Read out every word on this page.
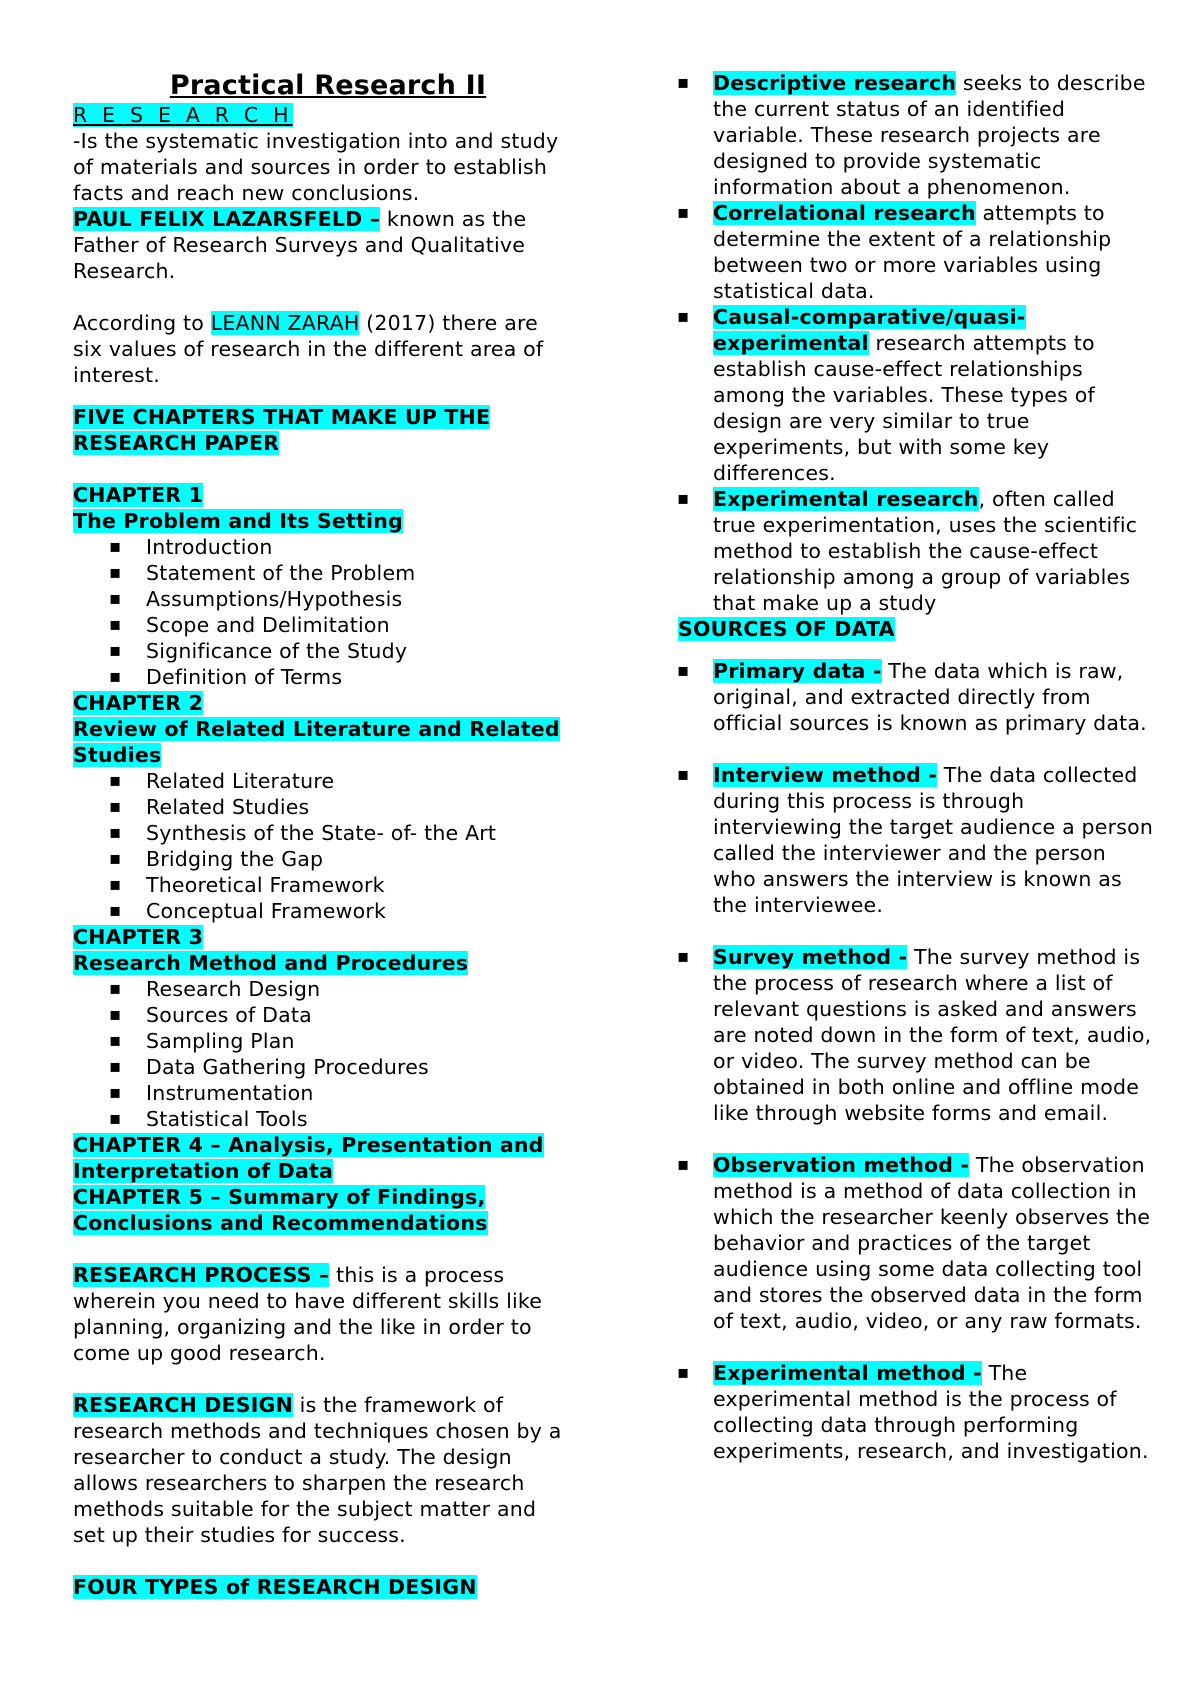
Practical Research II

R E S E A R C H

-Is the systematic investigation into and study of materials and sources in order to establish facts and reach new conclusions.

PAUL FELIX LAZARSFELD – known as the Father of Research Surveys and Qualitative Research.

According to LEANN ZARAH (2017) there are six values of research in the different area of interest.

FIVE CHAPTERS THAT MAKE UP THE RESEARCH PAPER

CHAPTER 1

The Problem and Its Setting

▪ Introduction
▪ Statement of the Problem
▪ Assumptions/Hypothesis
▪ Scope and Delimitation
▪ Significance of the Study
▪ Definition of Terms

CHAPTER 2

Review of Related Literature and Related Studies

▪ Related Literature
▪ Related Studies
▪ Synthesis of the State- of- the Art
▪ Bridging the Gap
▪ Theoretical Framework
▪ Conceptual Framework

CHAPTER 3

Research Method and Procedures

▪ Research Design
▪ Sources of Data
▪ Sampling Plan
▪ Data Gathering Procedures
▪ Instrumentation
▪ Statistical Tools

CHAPTER 4 – Analysis, Presentation and Interpretation of Data

CHAPTER 5 – Summary of Findings, Conclusions and Recommendations

RESEARCH PROCESS – this is a process wherein you need to have different skills like planning, organizing and the like in order to come up good research.

RESEARCH DESIGN is the framework of research methods and techniques chosen by a researcher to conduct a study. The design allows researchers to sharpen the research methods suitable for the subject matter and set up their studies for success.

FOUR TYPES of RESEARCH DESIGN

▪ Descriptive research seeks to describe the current status of an identified variable. These research projects are designed to provide systematic information about a phenomenon.
▪ Correlational research attempts to determine the extent of a relationship between two or more variables using statistical data.
▪ Causal-comparative/quasi-experimental research attempts to establish cause-effect relationships among the variables. These types of design are very similar to true experiments, but with some key differences.
▪ Experimental research, often called true experimentation, uses the scientific method to establish the cause-effect relationship among a group of variables that make up a study

SOURCES OF DATA

▪ Primary data - The data which is raw, original, and extracted directly from official sources is known as primary data.
▪ Interview method - The data collected during this process is through interviewing the target audience a person called the interviewer and the person who answers the interview is known as the interviewee.
▪ Survey method - The survey method is the process of research where a list of relevant questions is asked and answers are noted down in the form of text, audio, or video. The survey method can be obtained in both online and offline mode like through website forms and email.
▪ Observation method - The observation method is a method of data collection in which the researcher keenly observes the behavior and practices of the target audience using some data collecting tool and stores the observed data in the form of text, audio, video, or any raw formats.
▪ Experimental method - The experimental method is the process of collecting data through performing experiments, research, and investigation.
